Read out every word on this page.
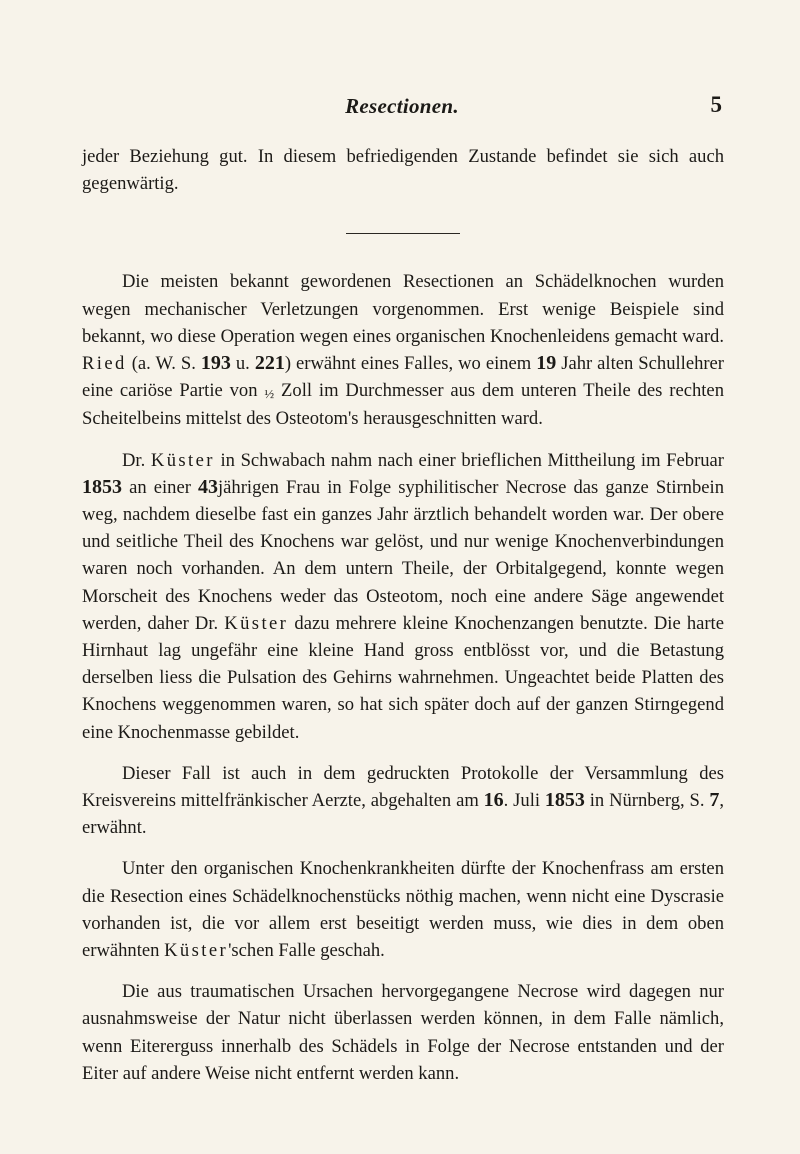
Resectionen.	5

jeder Beziehung gut. In diesem befriedigenden Zustande befindet sie sich auch gegenwärtig.

Die meisten bekannt gewordenen Resectionen an Schädelknochen wurden wegen mechanischer Verletzungen vorgenommen. Erst wenige Beispiele sind bekannt, wo diese Operation wegen eines organischen Knochenleidens gemacht ward. Ried (a. W. S. 193 u. 221) erwähnt eines Falles, wo einem 19 Jahr alten Schullehrer eine cariöse Partie von ½ Zoll im Durchmesser aus dem unteren Theile des rechten Scheitelbeins mittelst des Osteotom's herausgeschnitten ward.

Dr. Küster in Schwabach nahm nach einer brieflichen Mittheilung im Februar 1853 an einer 43jährigen Frau in Folge syphilitischer Necrose das ganze Stirnbein weg, nachdem dieselbe fast ein ganzes Jahr ärztlich behandelt worden war. Der obere und seitliche Theil des Knochens war gelöst, und nur wenige Knochenverbindungen waren noch vorhanden. An dem untern Theile, der Orbitalgegend, konnte wegen Morscheit des Knochens weder das Osteotom, noch eine andere Säge angewendet werden, daher Dr. Küster dazu mehrere kleine Knochenzangen benutzte. Die harte Hirnhaut lag ungefähr eine kleine Hand gross entblösst vor, und die Betastung derselben liess die Pulsation des Gehirns wahrnehmen. Ungeachtet beide Platten des Knochens weggenommen waren, so hat sich später doch auf der ganzen Stirngegend eine Knochenmasse gebildet.

Dieser Fall ist auch in dem gedruckten Protokolle der Versammlung des Kreisvereins mittelfränkischer Aerzte, abgehalten am 16. Juli 1853 in Nürnberg, S. 7, erwähnt.

Unter den organischen Knochenkrankheiten dürfte der Knochenfrass am ersten die Resection eines Schädelknochenstücks nöthig machen, wenn nicht eine Dyscrasie vorhanden ist, die vor allem erst beseitigt werden muss, wie dies in dem oben erwähnten Küster'schen Falle geschah.

Die aus traumatischen Ursachen hervorgegangene Necrose wird dagegen nur ausnahmsweise der Natur nicht überlassen werden können, in dem Falle nämlich, wenn Eitererguss innerhalb des Schädels in Folge der Necrose entstanden und der Eiter auf andere Weise nicht entfernt werden kann.
